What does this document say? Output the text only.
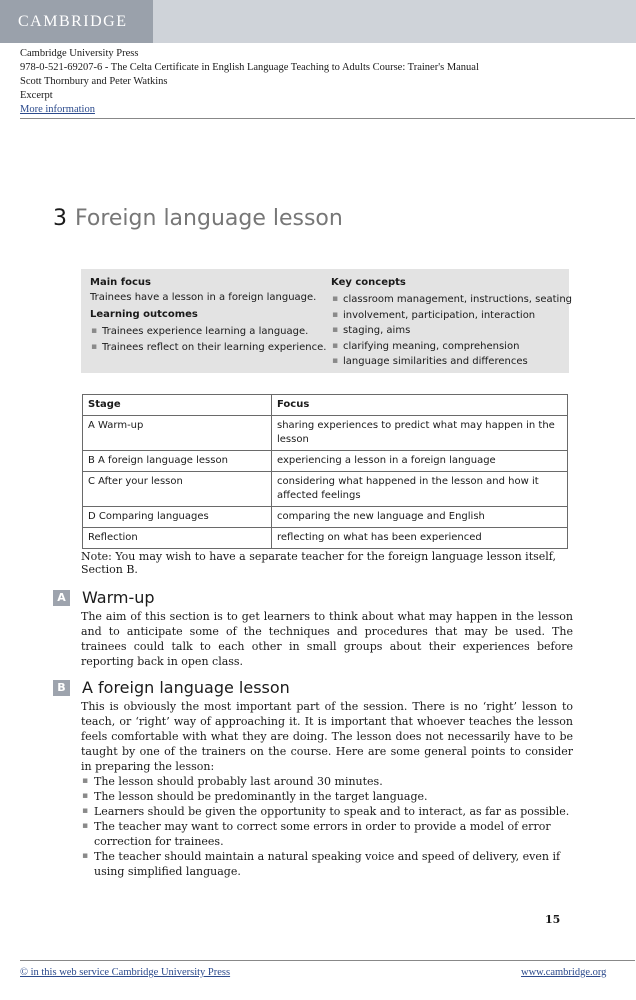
CAMBRIDGE
Cambridge University Press
978-0-521-69207-6 - The Celta Certificate in English Language Teaching to Adults Course: Trainer's Manual
Scott Thornbury and Peter Watkins
Excerpt
More information
3 Foreign language lesson
Main focus

Trainees have a lesson in a foreign language.

Learning outcomes
▪ Trainees experience learning a language.
▪ Trainees reflect on their learning experience.
Key concepts
▪ classroom management, instructions, seating
▪ involvement, participation, interaction
▪ staging, aims
▪ clarifying meaning, comprehension
▪ language similarities and differences
Stage	Focus
A Warm-up	sharing experiences to predict what may happen in the lesson
B A foreign language lesson	experiencing a lesson in a foreign language
C After your lesson	considering what happened in the lesson and how it affected feelings
D Comparing languages	comparing the new language and English
Reflection	reflecting on what has been experienced
Note: You may wish to have a separate teacher for the foreign language lesson itself, Section B.
A Warm-up

The aim of this section is to get learners to think about what may happen in the lesson and to anticipate some of the techniques and procedures that may be used. The trainees could talk to each other in small groups about their experiences before reporting back in open class.

B A foreign language lesson

This is obviously the most important part of the session. There is no ‘right’ lesson to teach, or ‘right’ way of approaching it. It is important that whoever teaches the lesson feels comfortable with what they are doing. The lesson does not necessarily have to be taught by one of the trainers on the course. Here are some general points to consider in preparing the lesson:

▪ The lesson should probably last around 30 minutes.
▪ The lesson should be predominantly in the target language.
▪ Learners should be given the opportunity to speak and to interact, as far as possible.
▪ The teacher may want to correct some errors in order to provide a model of error correction for trainees.
▪ The teacher should maintain a natural speaking voice and speed of delivery, even if using simplified language.
15
© in this web service Cambridge University Press	www.cambridge.org
